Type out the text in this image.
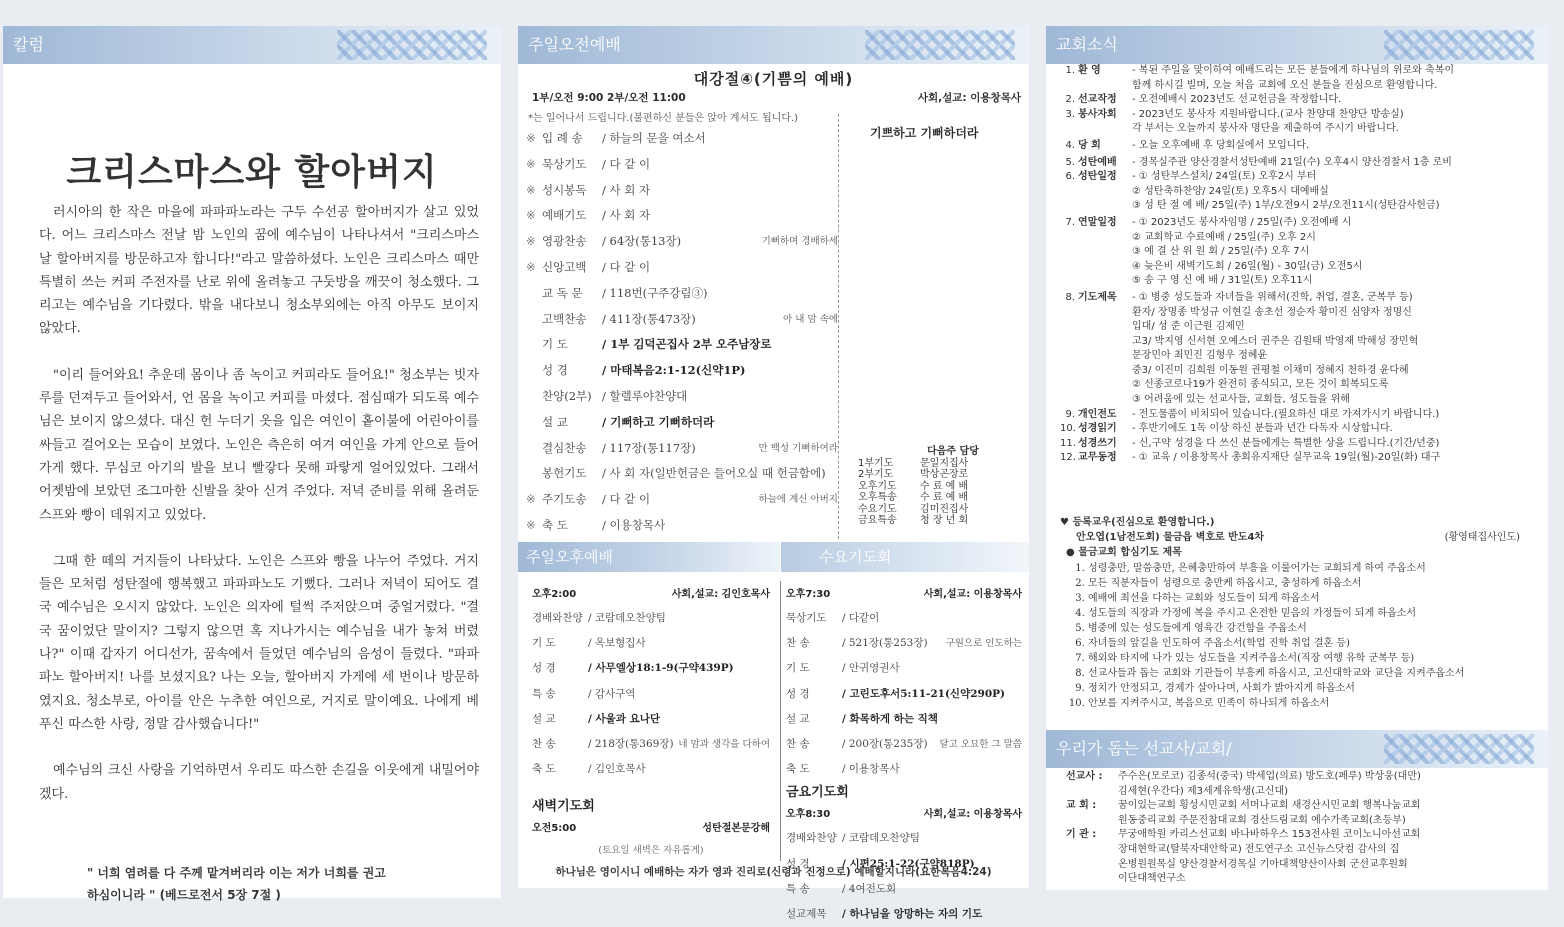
칼럼
크리스마스와 할아버지

러시아의 한 작은 마을에 파파파노라는 구두 수선공 할아버지가 살고 있었다. 어느 크리스마스 전날 밤 노인의 꿈에 예수님이 나타나셔서 "크리스마스 날 할아버지를 방문하고자 합니다!"라고 말씀하셨다. 노인은 크리스마스 때만 특별히 쓰는 커피 주전자를 난로 위에 올려놓고 구둣방을 깨끗이 청소했다. 그리고는 예수님을 기다렸다. 밖을 내다보니 청소부외에는 아직 아무도 보이지 않았다.

"이리 들어와요! 추운데 몸이나 좀 녹이고 커피라도 들어요!" 청소부는 빗자루를 던져두고 들어와서, 언 몸을 녹이고 커피를 마셨다. 점심때가 되도록 예수님은 보이지 않으셨다. 대신 헌 누더기 옷을 입은 여인이 홑이불에 어린아이를 싸들고 걸어오는 모습이 보였다. 노인은 측은히 여겨 여인을 가게 안으로 들어가게 했다. 무심코 아기의 발을 보니 빨갛다 못해 파랗게 얼어있었다. 그래서 어젯밤에 보았던 조그마한 신발을 찾아 신겨 주었다. 저녁 준비를 위해 올려둔 스프와 빵이 데워지고 있었다.

그때 한 떼의 거지들이 나타났다. 노인은 스프와 빵을 나누어 주었다. 거지들은 모처럼 성탄절에 행복했고 파파파노도 기뻤다. 그러나 저녁이 되어도 결국 예수님은 오시지 않았다. 노인은 의자에 털썩 주저앉으며 중얼거렸다. "결국 꿈이었단 말이지? 그렇지 않으면 혹 지나가시는 예수님을 내가 놓쳐 버렸나?" 이때 갑자기 어디선가, 꿈속에서 들었던 예수님의 음성이 들렸다. "파파파노 할아버지! 나를 보셨지요? 나는 오늘, 할아버지 가게에 세 번이나 방문하였지요. 청소부로, 아이를 안은 누추한 여인으로, 거지로 말이예요. 나에게 베푸신 따스한 사랑, 정말 감사했습니다!"

예수님의 크신 사랑을 기억하면서 우리도 따스한 손길을 이웃에게 내밀어야겠다.

" 너희 염려를 다 주께 맡겨버리라 이는 저가 너희를 권고
하심이니라 " (베드로전서 5장 7절 )
주일오전예배
대강절④(기쁨의 예배)
1부/오전 9:00 2부/오전 11:00	사회,설교: 이용창목사
*는 일어나서 드립니다.(불편하신 분들은 앉아 계셔도 됩니다.)
기쁘하고 기뻐하더라
※ 입 례 송 / 하늘의 문을 여소서
※ 묵상기도 / 다 같 이
※ 성시봉독 / 사 회 자
※ 예배기도 / 사 회 자
※ 영광찬송 / 64장(통13장)	기뻐하며 경배하세
※ 신앙고백 / 다 같 이
교 독 문 / 118번(구주강림③)
고백찬송 / 411장(통473장)	아 내 맘 속에
기 도	/ 1부 김덕곤집사 2부 오주남장로
성 경	/ 마태복음2:1-12(신약1P)
찬양(2부) / 할렐루야찬양대
설 교	/ 기뻐하고 기뻐하더라
결심찬송 / 117장(통117장)	만 백성 기뻐하여라
봉헌기도 / 사 회 자(일반헌금은 들어오실 때 헌금함에)
※ 주기도송 / 다 같 이	하늘에 계신 아버지
※ 축 도	/ 이용창목사
다음주 담당
1부기도	문일지집사
2부기도	박상곤장로
오후기도	수 료 예 배
오후특송	수 료 예 배
수요기도	김미진집사
금요특송	청 장 년 회
주일오후예배	수요기도회
오후2:00	사회,설교: 김인호목사
경배와찬양 / 코람데오찬양팀
기 도	/ 옥보형집사
성 경	/ 사무엘상18:1-9(구약439P)
특 송	/ 감사구역
설 교	/ 사울과 요나단
찬 송	/ 218장(통369장) 네 맘과 생각을 다하여
축 도	/ 김인호목사
새벽기도회
오전5:00	성탄절본문강해
(토요일 새벽은 자유롭게)
오후7:30	사회,설교: 이용창목사
묵상기도 / 다같이
찬 송	/ 521장(통253장) 구원으로 인도하는
기 도	/ 안귀영권사
성 경	/ 고린도후서5:11-21(신약290P)
설 교	/ 화목하게 하는 직책
찬 송	/ 200장(통235장) 달고 오묘한 그 말씀
축 도	/ 이용창목사
금요기도회
오후8:30	사회,설교: 이용창목사
경배와찬양 / 코람데오찬양팀
성 경	/ 시편25:1-22(구약818P)
특 송	/ 4여전도회
설교제목 / 하나님을 앙망하는 자의 기도
하나님은 영이시니 예배하는 자가 영과 진리로(신령과 진정으로) 예배할지니라(요한복음4:24)
교회소식
1. 환 영	- 복된 주일을 맞이하여 예배드리는 모든 분들에게 하나님의 위로와 축복이
함께 하시길 빌며, 오늘 처음 교회에 오신 분들을 진심으로 환영합니다.
2. 선교작정	- 오전예배시 2023년도 선교헌금을 작정합니다.
3. 봉사자회	- 2023년도 봉사자 지원바랍니다.(교사 찬양대 찬양단 방송실)
각 부서는 오늘까지 봉사자 명단을 제출하여 주시기 바랍니다.
4. 당 회	- 오늘 오후예배 후 당회실에서 모입니다.
5. 성탄예배	- 경목실주관 양산경찰서성탄예배 21일(수) 오후4시 양산경찰서 1층 로비
6. 성탄일정	- ① 성탄부스설치/ 24일(토) 오후2시 부터
② 성탄축하찬양/ 24일(토) 오후5시 대예배실
③ 성 탄 절 예 배/ 25일(주) 1부/오전9시 2부/오전11시(성탄감사헌금)
7. 연말일정	- ① 2023년도 봉사자임명 / 25일(주) 오전예배 시
② 교회학교 수료예배 / 25일(주) 오후 2시
③ 예 결 산 위 원 회 / 25일(주) 오후 7시
④ 늦은비 새벽기도회 / 26일(월) - 30일(금) 오전5시
⑤ 송 구 영 신 예 배 / 31일(토) 오후11시
8. 기도제목	- ① 병중 성도들과 자녀들을 위해서(진학, 취업, 결혼, 군복무 등)
환자/ 장명종 박성규 이현길 송초선 정순자 황미진 심양자 정명신
입대/ 성 준 이근원 김제민
고3/ 박지영 신서현 오예스더 권주은 김원태 박영재 박해성 장민혁
문장민아 최민진 김형우 정혜윤
중3/ 이진미 김희원 이동원 권평철 이채미 정혜지 천하경 윤다혜
② 신종코로나19가 완전히 종식되고, 모든 것이 회복되도록
③ 어려움에 있는 선교사들, 교회들, 성도들을 위해
9. 개인전도	- 전도물품이 비치되어 있습니다.(필요하신 대로 가져가시기 바랍니다.)
10. 성경읽기	- 후반기에도 1독 이상 하신 분들과 년간 다독자 시상합니다.
11. 성경쓰기	- 신,구약 성경을 다 쓰신 분들에게는 특별한 상을 드립니다.(기간/년중)
12. 교무동정	- ① 교육 / 이용창목사 총회유지재단 실무교육 19일(월)-20일(화) 대구
♥ 등록교우(진심으로 환영합니다.)
안오엽(1남전도회) 물금읍 벽호로 반도4차	(황영태집사인도)
● 물금교회 합심기도 제목
1. 성령충만, 말씀충만, 은혜충만하여 부흥을 이룰어가는 교회되게 하여 주옵소서
2. 모든 직분자들이 성령으로 충만케 하옵시고, 충성하게 하옵소서
3. 예배에 최선을 다하는 교회와 성도들이 되게 하옵소서
4. 성도들의 직장과 가정에 복을 주시고 온전한 믿음의 가정들이 되게 하옵소서
5. 병중에 있는 성도들에게 영육간 강건함을 주옵소서
6. 자녀들의 앞길을 인도하여 주옵소서(학업 진학 취업 결혼 등)
7. 해외와 타지에 나가 있는 성도들을 지켜주옵소서(직장 여행 유학 군복무 등)
8. 선교사들과 돕는 교회와 기관들이 부흥케 하옵시고, 고신대학교와 교단을 지켜주옵소서
9. 정치가 안정되고, 경제가 살아나며, 사회가 밝아지게 하옵소서
10. 안보를 지켜주시고, 복음으로 민족이 하나되게 하옵소서
우리가 돕는 선교사/교회/
선교사 :	주수은(모로코) 김종석(중국) 박세업(의료) 방도호(페루) 박상웅(대만)
김세현(우간다) 제3세계유학생(고신대)
교 회 :	꿈이있는교회 횡성시민교회 서머나교회 새경산시민교회 행복나눔교회
원동중리교회 주문진참대교회 경산드림교회 예수가족교회(초등부)
기 관 :	무궁애학원 카리스선교회 바나바하우스 153전사원 코이노니아선교회
장대현학교(탈북자대안학교) 전도연구소 고신뉴스닷컴 감사의 집
온병원원목실 양산경찰서경목실 기아대책양산이사회 군선교후원회
이단대책연구소
